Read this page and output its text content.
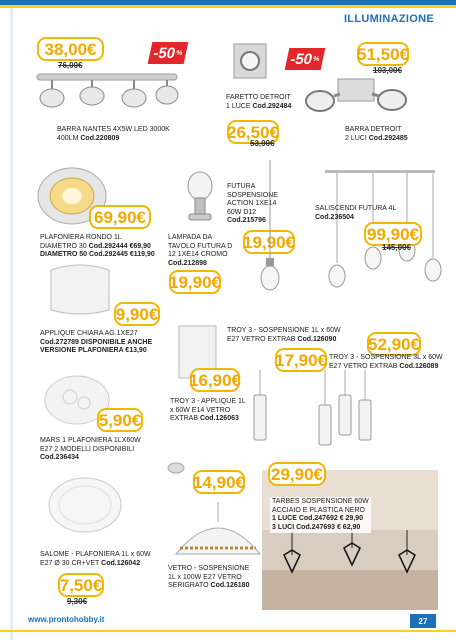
ILLUMINAZIONE
38,00€
76,00€
-50
%
BARRA NANTES 4X5W LED 3000K
400LM Cod.220809
-50
%
FARETTO DETROIT
1 LUCE Cod.292484
26,50€
53,00€
51,50€
103,00€
BARRA DETROIT
2 LUCI Cod.292485
69,90€
PLAFONIERA RONDO 1L
DIAMETRO 30 Cod.292444 €69,90
DIAMETRO 50 Cod.292445 €119,90
LAMPADA DA
TAVOLO FUTURA D
12 1XE14 CROMO
Cod.212898
19,90€
FUTURA
SOSPENSIONE
ACTION 1XE14
60W D12
Cod.215796
19,90€
SALISCENDI FUTURA 4L
Cod.236504
99,90€
145,00€
9,90€
APPLIQUE CHIARA AG.1XE27
Cod.272789 DISPONIBILE ANCHE
VERSIONE PLAFONIERA €13,90
TROY 3 - SOSPENSIONE 1L x 60W
E27 VETRO EXTRAB Cod.126090
17,90€
52,90€
TROY 3 - SOSPENSIONE 3L x 60W
E27 VETRO EXTRAB Cod.126089
16,90€
TROY 3 - APPLIQUE 1L
x 60W E14 VETRO
EXTRAB Cod.126063
5,90€
MARS 1 PLAFONIERA 1LX60W
E27 2 MODELLI DISPONIBILI
Cod.236434
14,90€
VETRO - SOSPENSIONE
1L x 100W E27 VETRO
SERIGRATO Cod.126180
29,90€
TARBES SOSPENSIONE 60W
ACCIAIO E PLASTICA NERO
1 LUCE Cod.247692 € 29,90
3 LUCI Cod.247693 € 62,90
SALOME - PLAFONIERA 1L x 60W
E27 Ø 30 CR+VET Cod.126042
7,50€
9,30€
www.prontohobby.it	27
